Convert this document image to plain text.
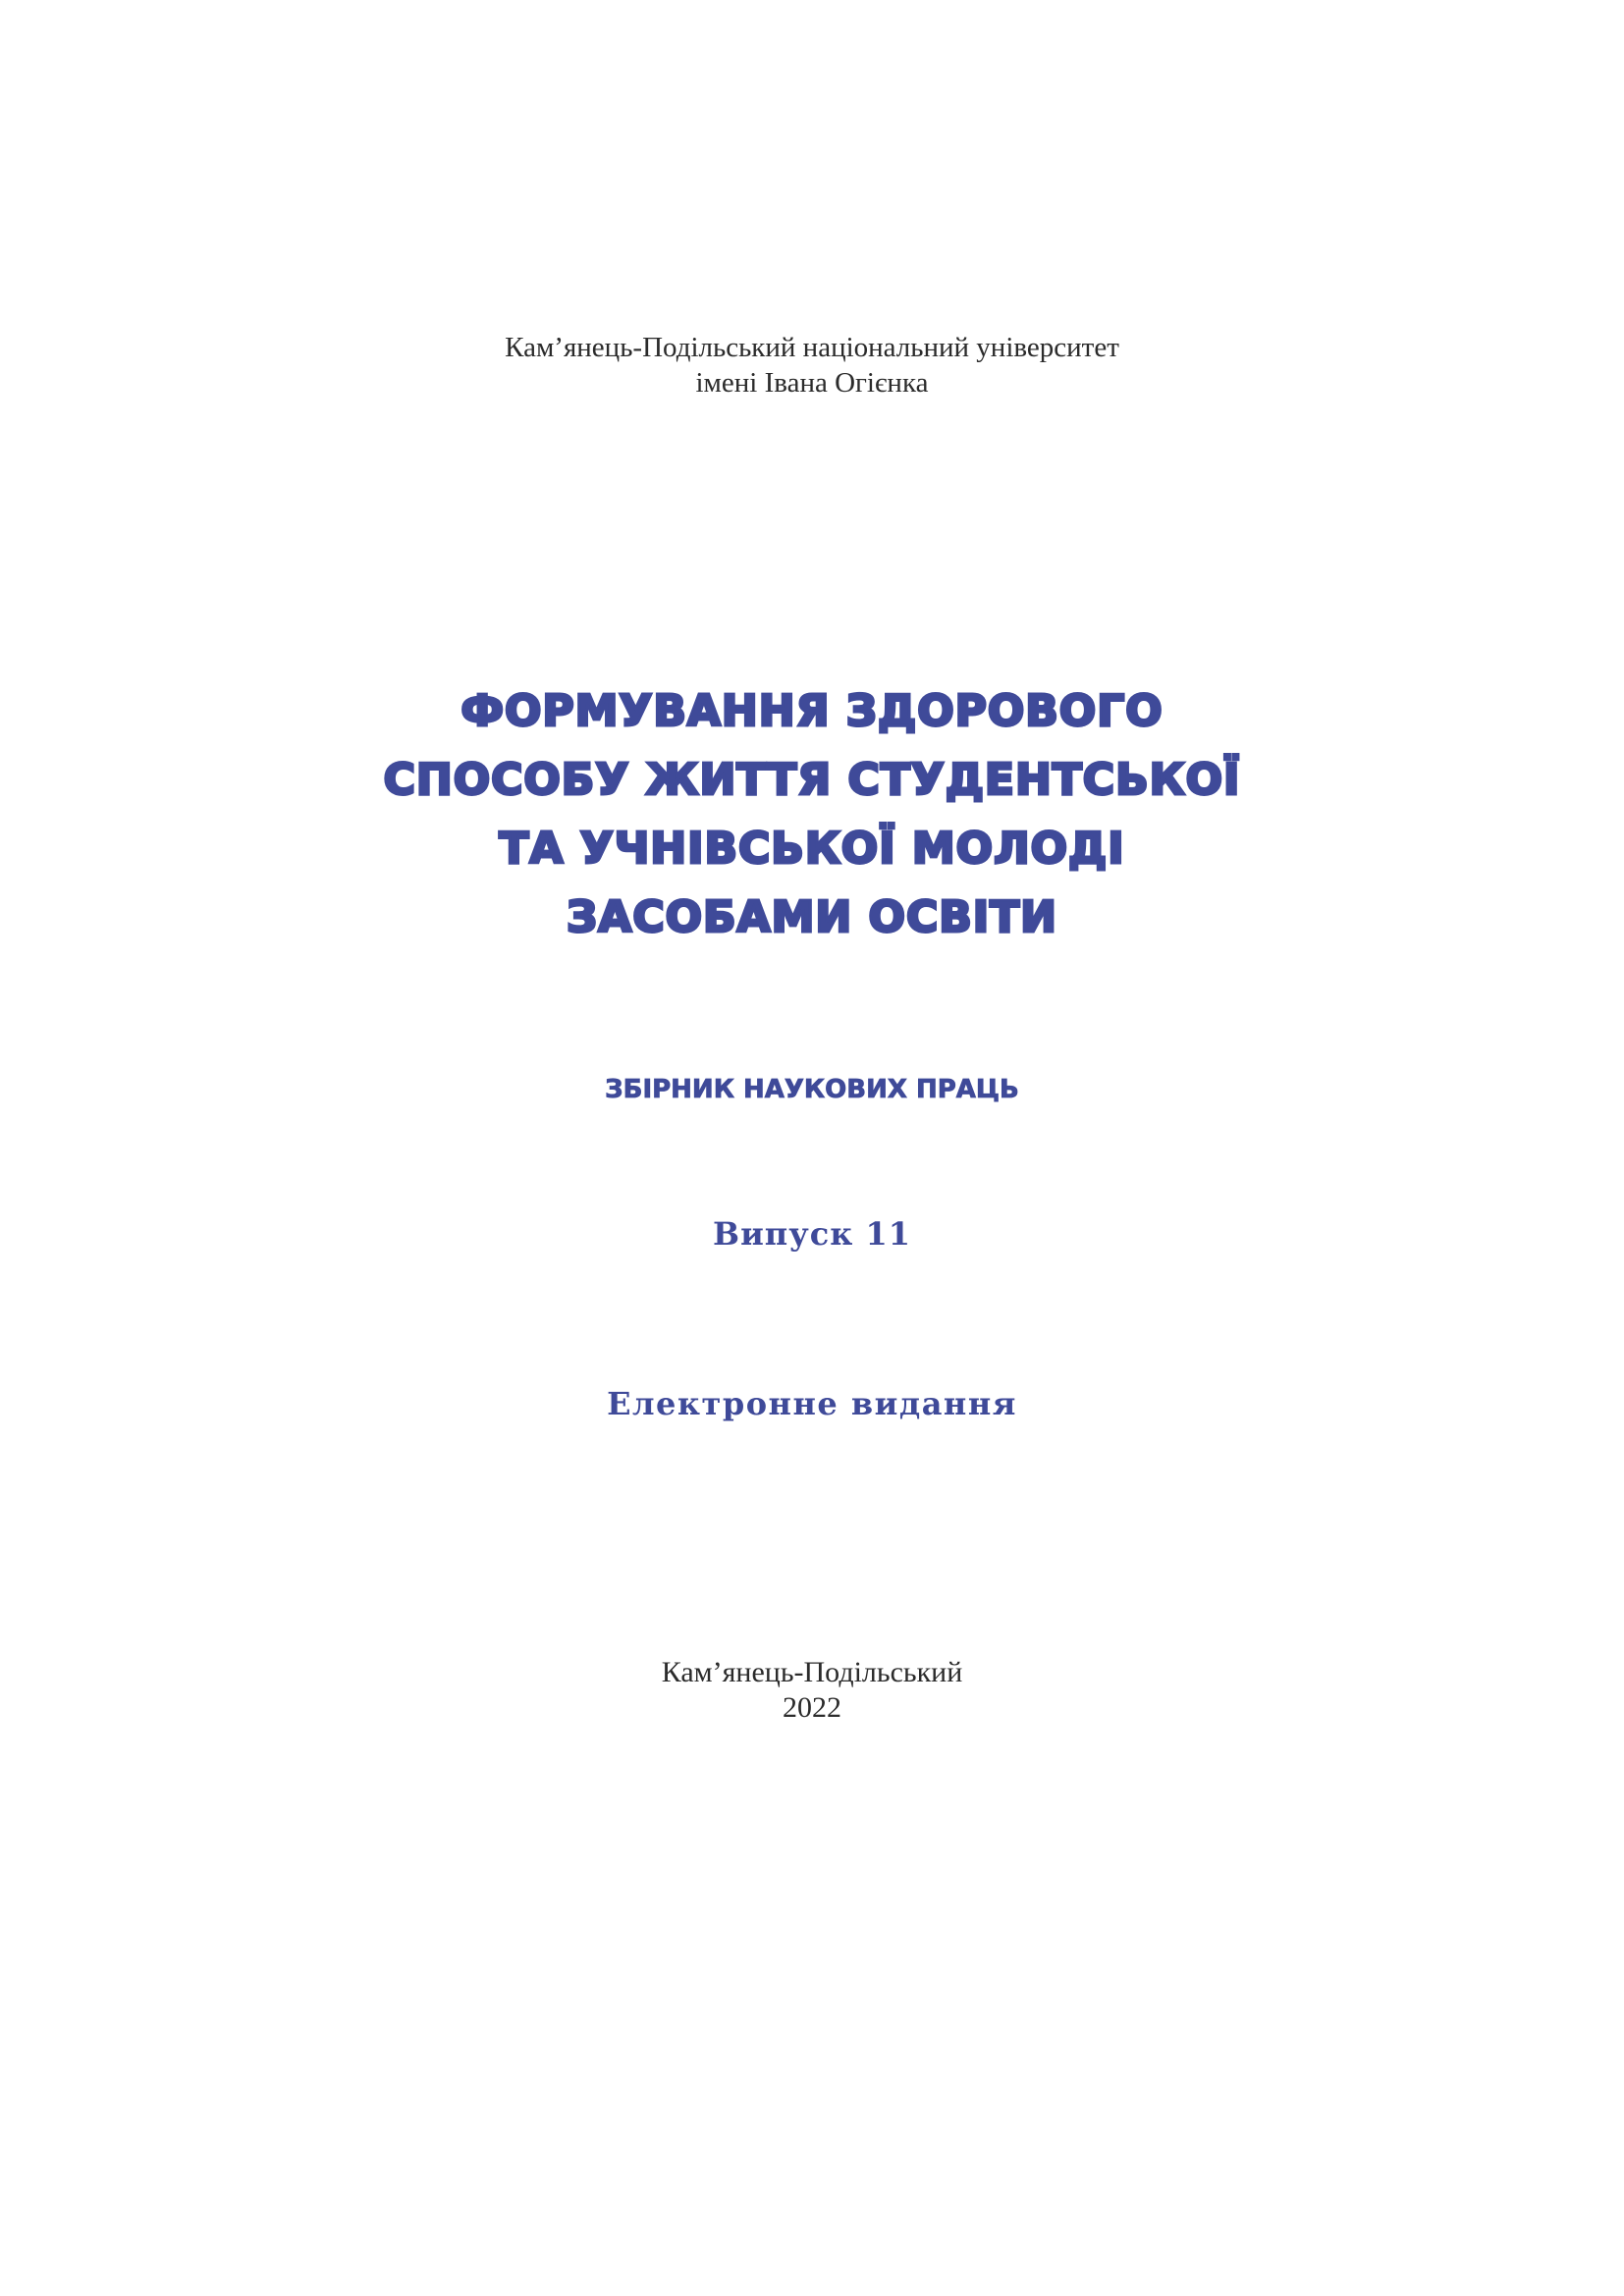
Кам’янець-Подільський національний університет
імені Івана Огієнка
ФОРМУВАННЯ ЗДОРОВОГО
СПОСОБУ ЖИТТЯ СТУДЕНТСЬКОЇ
ТА УЧНІВСЬКОЇ МОЛОДІ
ЗАСОБАМИ ОСВІТИ
ЗБІРНИК НАУКОВИХ ПРАЦЬ
Випуск 11
Електронне видання
Кам’янець-Подільський
2022
